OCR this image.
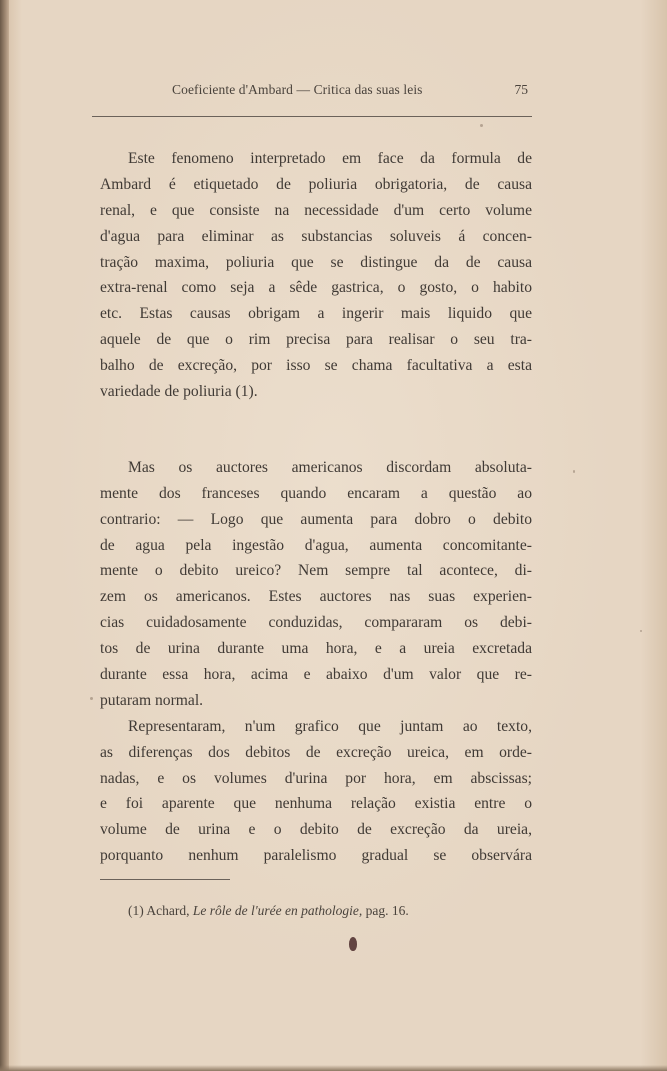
Coeficiente d'Ambard — Critica das suas leis	75
Este fenomeno interpretado em face da formula de
Ambard é etiquetado de poliuria obrigatoria, de causa
renal, e que consiste na necessidade d'um certo volume
d'agua para eliminar as substancias soluveis á concen-
tração maxima, poliuria que se distingue da de causa
extra-renal como seja a sêde gastrica, o gosto, o habito
etc. Estas causas obrigam a ingerir mais liquido que
aquele de que o rim precisa para realisar o seu tra-
balho de excreção, por isso se chama facultativa a esta
variedade de poliuria (1).
Mas os auctores americanos discordam absoluta-
mente dos franceses quando encaram a questão ao
contrario: — Logo que aumenta para dobro o debito
de agua pela ingestão d'agua, aumenta concomitante-
mente o debito ureico? Nem sempre tal acontece, di-
zem os americanos. Estes auctores nas suas experien-
cias cuidadosamente conduzidas, compararam os debi-
tos de urina durante uma hora, e a ureia excretada
durante essa hora, acima e abaixo d'um valor que re-
putaram normal.
Representaram, n'um grafico que juntam ao texto,
as diferenças dos debitos de excreção ureica, em orde-
nadas, e os volumes d'urina por hora, em abscissas;
e foi aparente que nenhuma relação existia entre o
volume de urina e o debito de excreção da ureia,
porquanto nenhum paralelismo gradual se observára
(1) Achard, Le rôle de l'urée en pathologie, pag. 16.
